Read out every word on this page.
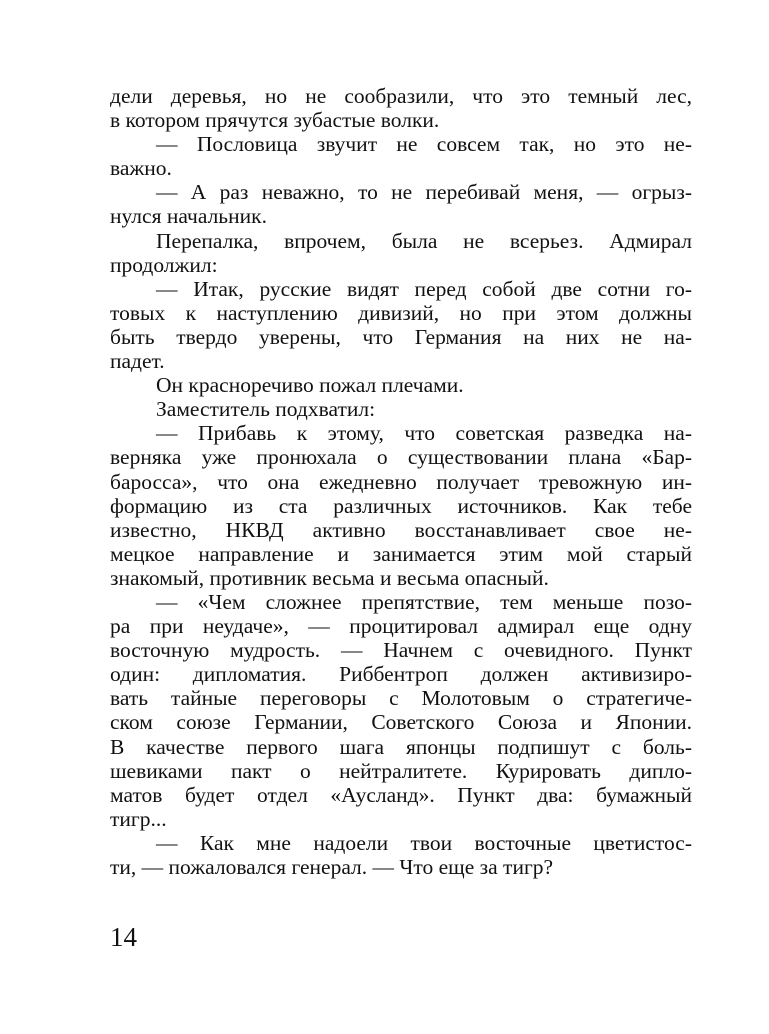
дели деревья, но не сообразили, что это темный лес,
в котором прячутся зубастые волки.
— Пословица звучит не совсем так, но это не-
важно.
— А раз неважно, то не перебивай меня, — огрыз-
нулся начальник.
Перепалка, впрочем, была не всерьез. Адмирал
продолжил:
— Итак, русские видят перед собой две сотни го-
товых к наступлению дивизий, но при этом должны
быть твердо уверены, что Германия на них не на-
падет.
Он красноречиво пожал плечами.
Заместитель подхватил:
— Прибавь к этому, что советская разведка на-
верняка уже пронюхала о существовании плана «Бар-
баросса», что она ежедневно получает тревожную ин-
формацию из ста различных источников. Как тебе
известно, НКВД активно восстанавливает свое не-
мецкое направление и занимается этим мой старый
знакомый, противник весьма и весьма опасный.
— «Чем сложнее препятствие, тем меньше позо-
ра при неудаче», — процитировал адмирал еще одну
восточную мудрость. — Начнем с очевидного. Пункт
один: дипломатия. Риббентроп должен активизиро-
вать тайные переговоры с Молотовым о стратегиче-
ском союзе Германии, Советского Союза и Японии.
В качестве первого шага японцы подпишут с боль-
шевиками пакт о нейтралитете. Курировать дипло-
матов будет отдел «Аусланд». Пункт два: бумажный
тигр...
— Как мне надоели твои восточные цветистос-
ти, — пожаловался генерал. — Что еще за тигр?
14
